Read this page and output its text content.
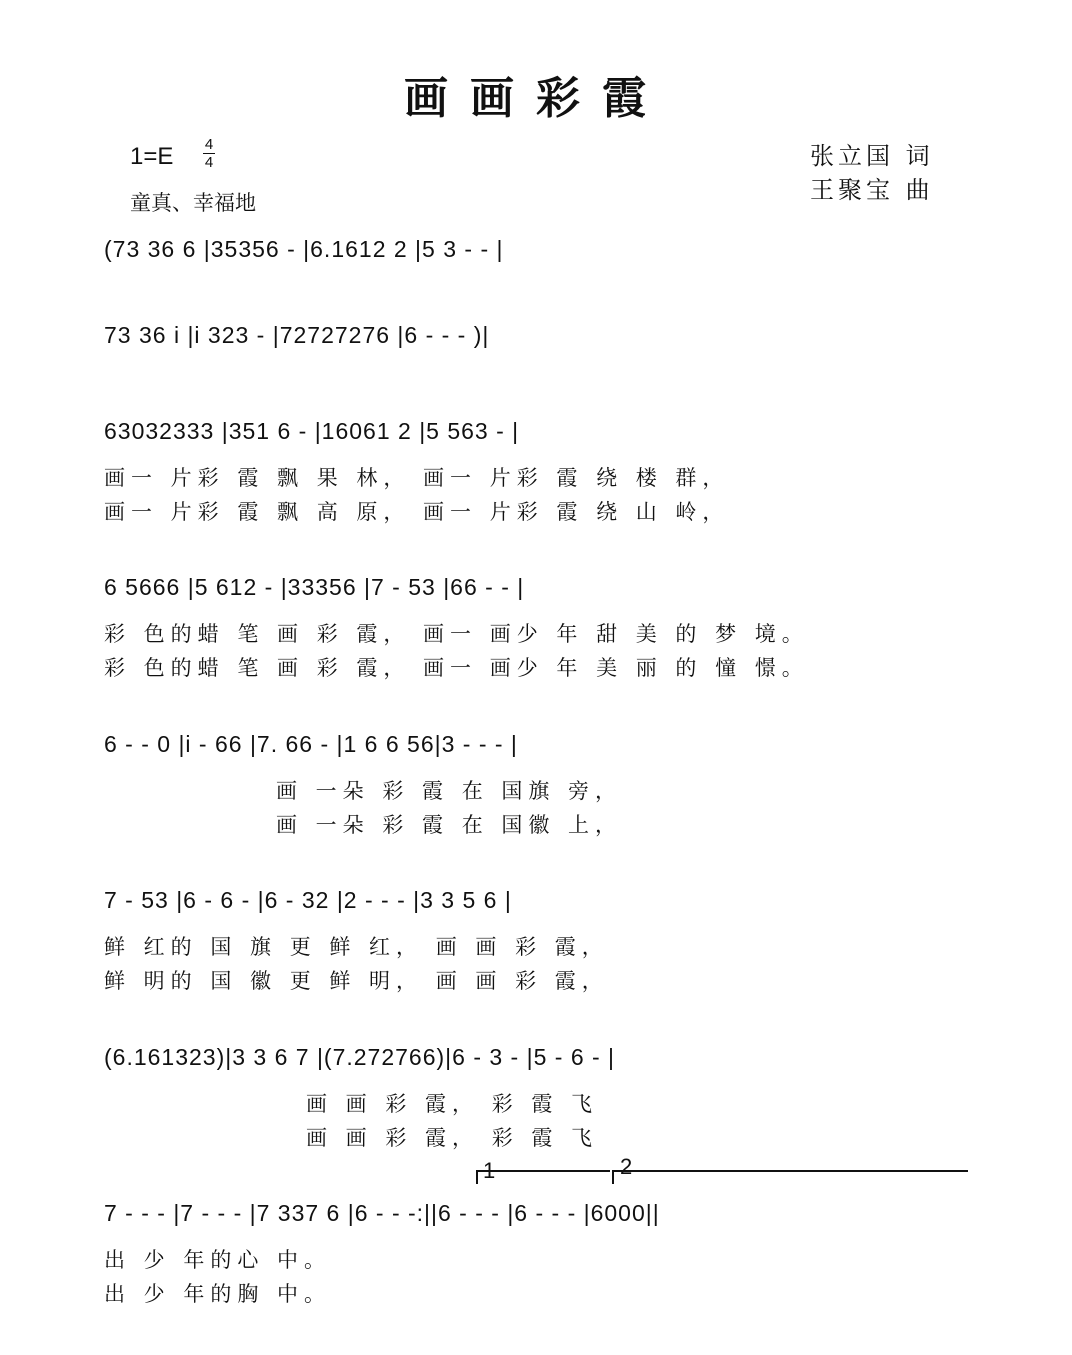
画画彩霞
1=E 4
4
童真、幸福地
张立国 词
王聚宝 曲
(73 36 6 |35356 - |6.1612 2 |5 3 - - |
73 36 i |i 323 - |72727276 |6 - - - )|
63032333 |351 6 - |16061 2 |5 563 - |
画一 片彩 霞 飘 果 林， 画一 片彩 霞 绕 楼 群，
画一 片彩 霞 飘 高 原， 画一 片彩 霞 绕 山 岭，
6 5666 |5 612 - |33356 |7 - 53 |66 - - |
彩 色的蜡 笔 画 彩 霞， 画一 画少 年 甜 美 的 梦 境。
彩 色的蜡 笔 画 彩 霞， 画一 画少 年 美 丽 的 憧 憬。
6 - - 0 |i - 66 |7. 66 - |1 6 6 56|3 - - - |
画 一朵 彩 霞 在 国旗 旁，
画 一朵 彩 霞 在 国徽 上，
7 - 53 |6 - 6 - |6 - 32 |2 - - - |3 3 5 6 |
鲜 红的 国 旗 更 鲜 红， 画 画 彩 霞，
鲜 明的 国 徽 更 鲜 明， 画 画 彩 霞，
(6.161323)|3 3 6 7 |(7.272766)|6 - 3 - |5 - 6 - |
画 画 彩 霞， 彩 霞 飞
画 画 彩 霞， 彩 霞 飞
1	2
7 - - - |7 - - - |7 337 6 |6 - - -:||6 - - - |6 - - - |6000||
出 少 年的心 中。
出 少 年的胸 中。
